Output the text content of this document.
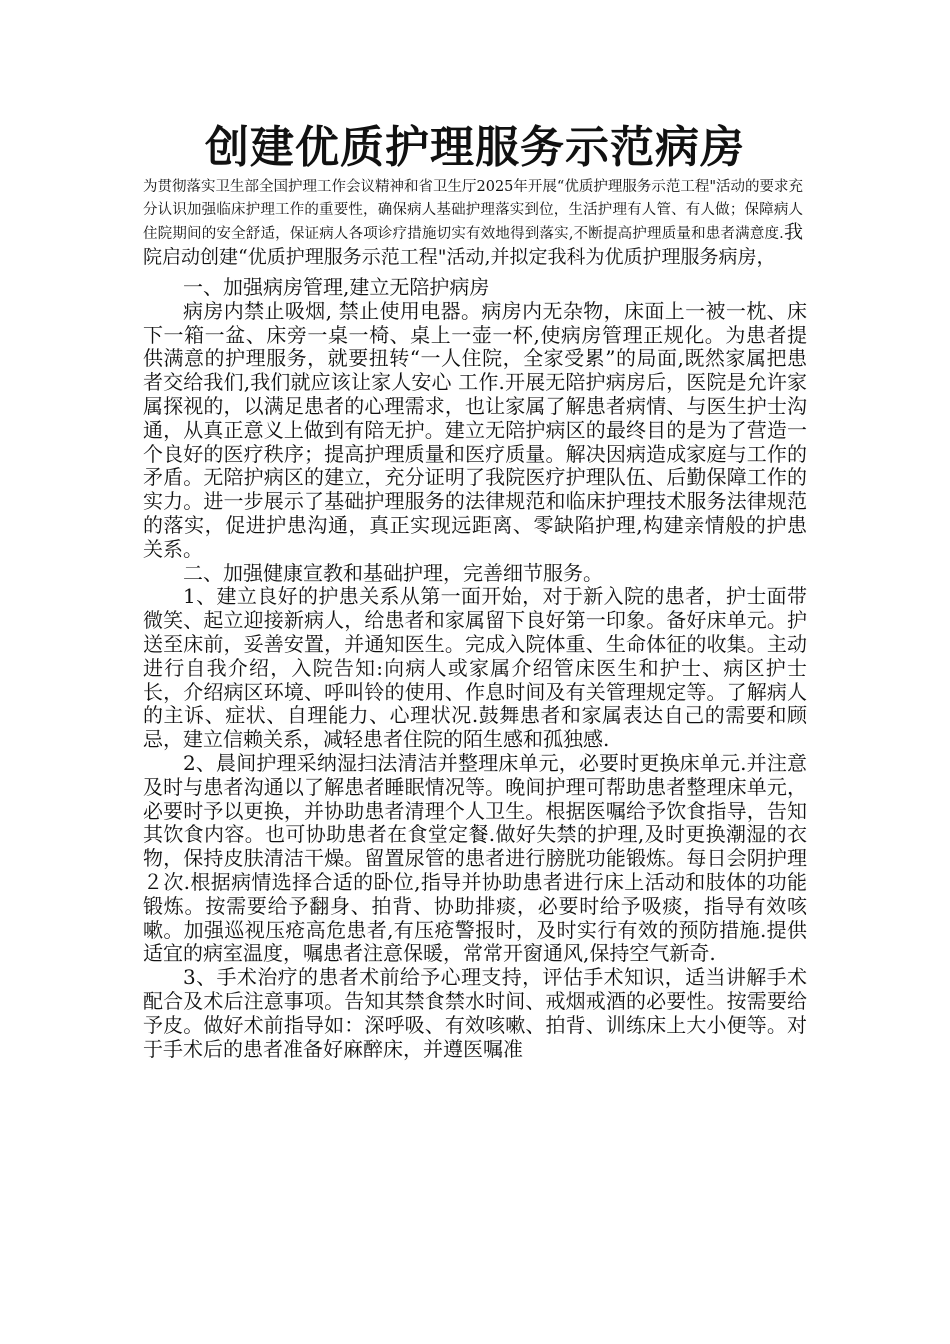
创建优质护理服务示范病房
为贯彻落实卫生部全国护理工作会议精神和省卫生厅2025年开展“优质护理服务示范工程"活动的要求充分认识加强临床护理工作的重要性，确保病人基础护理落实到位，生活护理有人管、有人做；保障病人住院期间的安全舒适，保证病人各项诊疗措施切实有效地得到落实,不断提高护理质量和患者满意度.我院启动创建“优质护理服务示范工程"活动,并拟定我科为优质护理服务病房，

一、加强病房管理,建立无陪护病房

病房内禁止吸烟, 禁止使用电器。病房内无杂物，床面上一被一枕、床下一箱一盆、床旁一桌一椅、桌上一壶一杯,使病房管理正规化。为患者提供满意的护理服务，就要扭转“一人住院，全家受累”的局面,既然家属把患者交给我们,我们就应该让家人安心 工作.开展无陪护病房后，医院是允许家属探视的，以满足患者的心理需求，也让家属了解患者病情、与医生护士沟通，从真正意义上做到有陪无护。建立无陪护病区的最终目的是为了营造一个良好的医疗秩序；提高护理质量和医疗质量。解决因病造成家庭与工作的矛盾。无陪护病区的建立，充分证明了我院医疗护理队伍、后勤保障工作的实力。进一步展示了基础护理服务的法律规范和临床护理技术服务法律规范的落实，促进护患沟通，真正实现远距离、零缺陷护理,构建亲情般的护患关系。

二、加强健康宣教和基础护理，完善细节服务。

1、建立良好的护患关系从第一面开始，对于新入院的患者，护士面带微笑、起立迎接新病人，给患者和家属留下良好第一印象。备好床单元。护送至床前，妥善安置，并通知医生。完成入院体重、生命体征的收集。主动进行自我介绍，入院告知:向病人或家属介绍管床医生和护士、病区护士长，介绍病区环境、呼叫铃的使用、作息时间及有关管理规定等。了解病人的主诉、症状、自理能力、心理状况.鼓舞患者和家属表达自己的需要和顾忌，建立信赖关系，减轻患者住院的陌生感和孤独感.

2、晨间护理采纳湿扫法清洁并整理床单元，必要时更换床单元.并注意及时与患者沟通以了解患者睡眠情况等。晚间护理可帮助患者整理床单元，必要时予以更换，并协助患者清理个人卫生。根据医嘱给予饮食指导，告知其饮食内容。也可协助患者在食堂定餐.做好失禁的护理,及时更换潮湿的衣物，保持皮肤清洁干燥。留置尿管的患者进行膀胱功能锻炼。每日会阴护理２次.根据病情选择合适的卧位,指导并协助患者进行床上活动和肢体的功能锻炼。按需要给予翻身、拍背、协助排痰，必要时给予吸痰，指导有效咳嗽。加强巡视压疮高危患者,有压疮警报时，及时实行有效的预防措施.提供适宜的病室温度，嘱患者注意保暖，常常开窗通风,保持空气新奇.

3、手术治疗的患者术前给予心理支持，评估手术知识，适当讲解手术配合及术后注意事项。告知其禁食禁水时间、戒烟戒酒的必要性。按需要给予皮。做好术前指导如：深呼吸、有效咳嗽、拍背、训练床上大小便等。对于手术后的患者准备好麻醉床，并遵医嘱准
